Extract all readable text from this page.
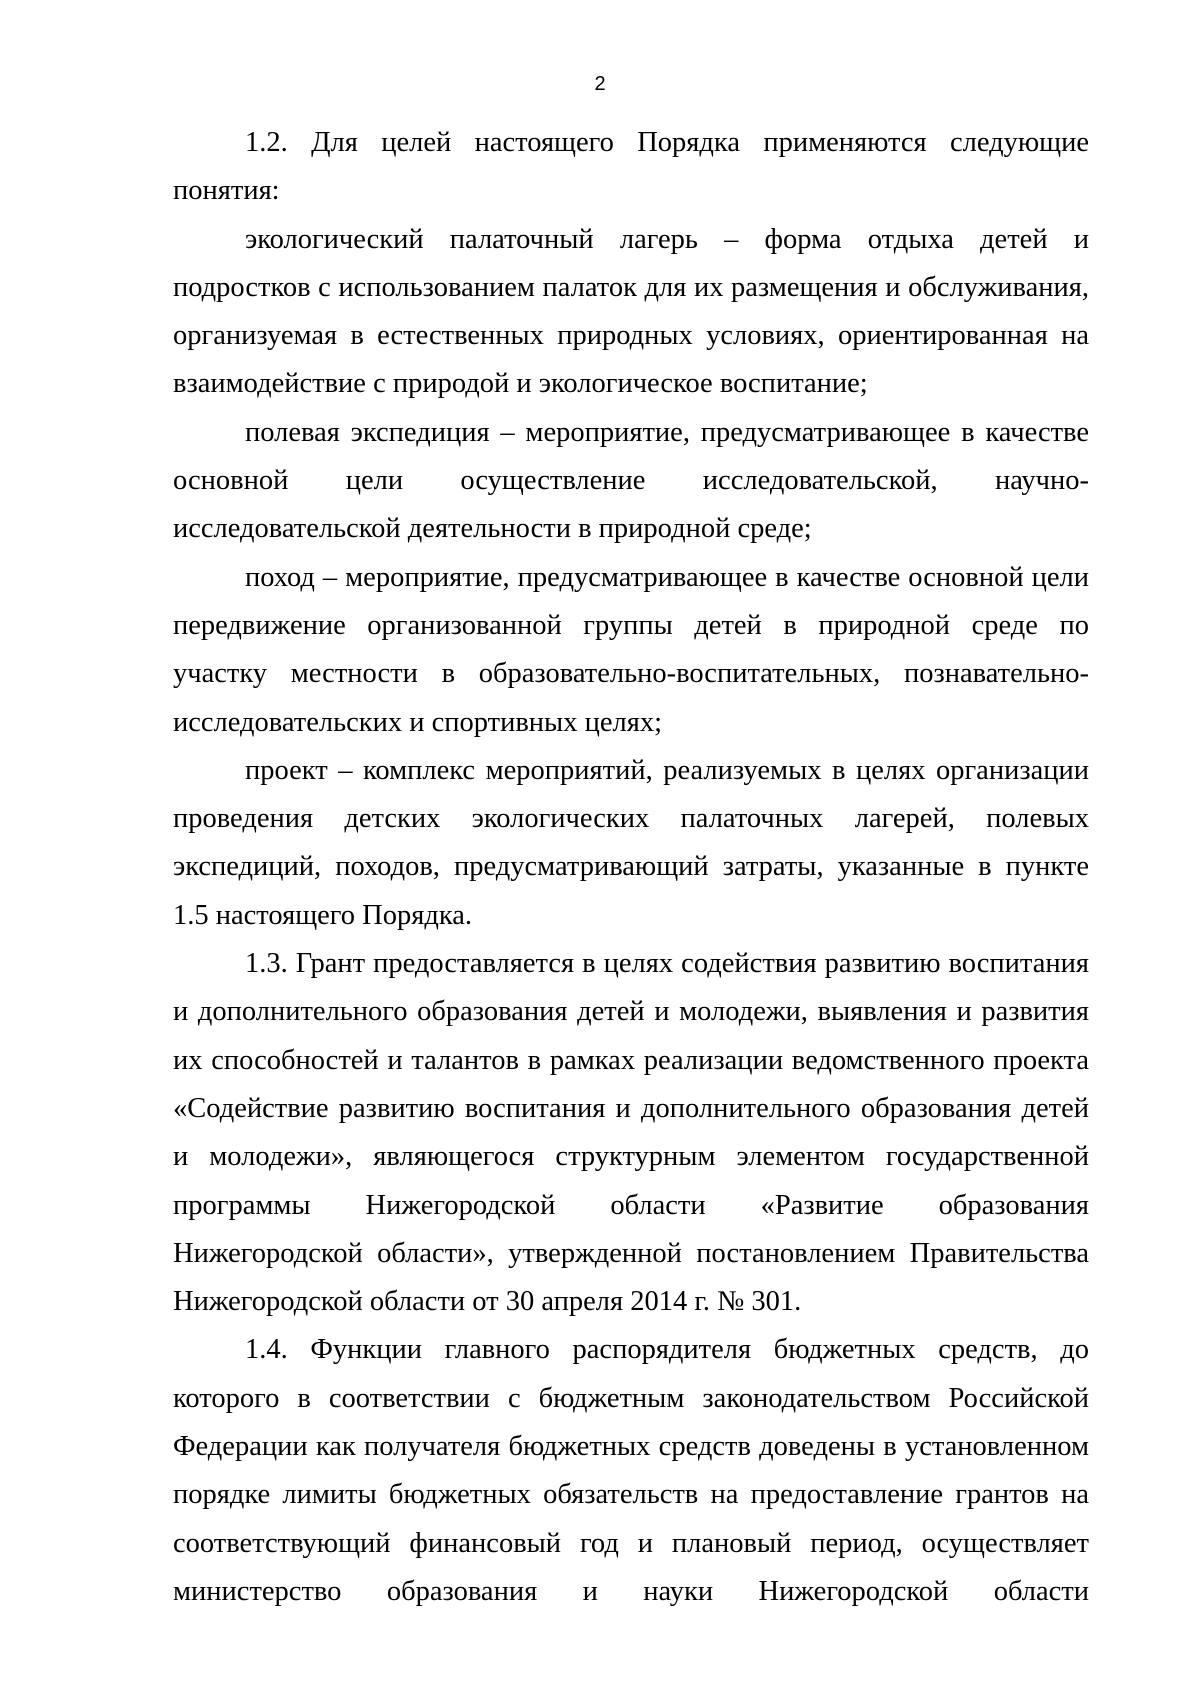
2

1.2. Для целей настоящего Порядка применяются следующие понятия:

экологический палаточный лагерь – форма отдыха детей и подростков с использованием палаток для их размещения и обслуживания, организуемая в естественных природных условиях, ориентированная на взаимодействие с природой и экологическое воспитание;

полевая экспедиция – мероприятие, предусматривающее в качестве основной цели осуществление исследовательской, научно-исследовательской деятельности в природной среде;

поход – мероприятие, предусматривающее в качестве основной цели передвижение организованной группы детей в природной среде по участку местности в образовательно-воспитательных, познавательно-исследовательских и спортивных целях;

проект – комплекс мероприятий, реализуемых в целях организации проведения детских экологических палаточных лагерей, полевых экспедиций, походов, предусматривающий затраты, указанные в пункте 1.5 настоящего Порядка.

1.3. Грант предоставляется в целях содействия развитию воспитания и дополнительного образования детей и молодежи, выявления и развития их способностей и талантов в рамках реализации ведомственного проекта «Содействие развитию воспитания и дополнительного образования детей и молодежи», являющегося структурным элементом государственной программы Нижегородской области «Развитие образования Нижегородской области», утвержденной постановлением Правительства Нижегородской области от 30 апреля 2014 г. № 301.

1.4. Функции главного распорядителя бюджетных средств, до которого в соответствии с бюджетным законодательством Российской Федерации как получателя бюджетных средств доведены в установленном порядке лимиты бюджетных обязательств на предоставление грантов на соответствующий финансовый год и плановый период, осуществляет министерство образования и науки Нижегородской области
